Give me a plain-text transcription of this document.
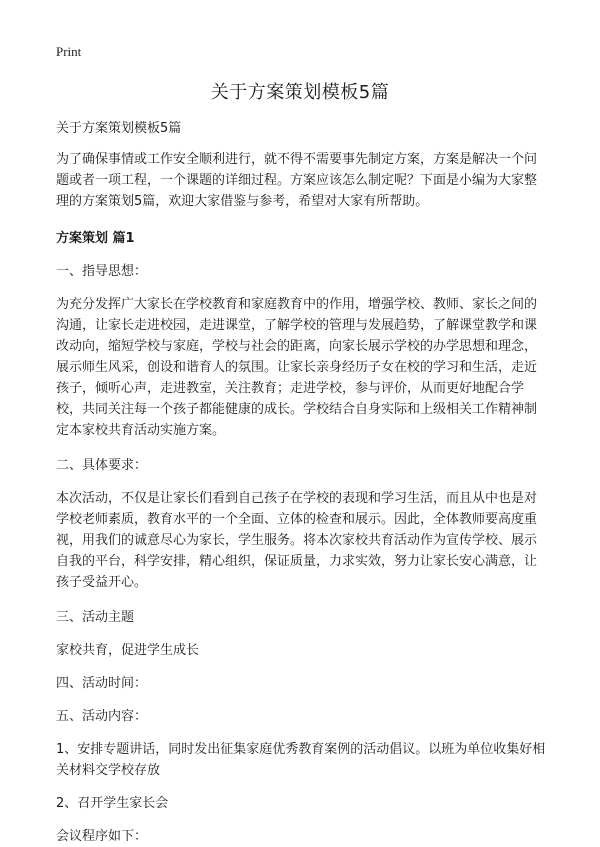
Print
关于方案策划模板5篇

关于方案策划模板5篇

为了确保事情或工作安全顺利进行，就不得不需要事先制定方案，方案是解决一个问题或者一项工程，一个课题的详细过程。方案应该怎么制定呢？下面是小编为大家整理的方案策划5篇，欢迎大家借鉴与参考，希望对大家有所帮助。

方案策划 篇1

一、指导思想：

为充分发挥广大家长在学校教育和家庭教育中的作用，增强学校、教师、家长之间的沟通，让家长走进校园，走进课堂，了解学校的管理与发展趋势，了解课堂教学和课改动向，缩短学校与家庭，学校与社会的距离，向家长展示学校的办学思想和理念，展示师生风采，创设和谐育人的氛围。让家长亲身经历子女在校的学习和生活，走近孩子，倾听心声，走进教室，关注教育；走进学校，参与评价，从而更好地配合学校，共同关注每一个孩子都能健康的成长。学校结合自身实际和上级相关工作精神制定本家校共育活动实施方案。

二、具体要求：

本次活动，不仅是让家长们看到自己孩子在学校的表现和学习生活，而且从中也是对学校老师素质，教育水平的一个全面、立体的检查和展示。因此，全体教师要高度重视，用我们的诚意尽心为家长，学生服务。将本次家校共育活动作为宣传学校、展示自我的平台，科学安排，精心组织，保证质量，力求实效，努力让家长安心满意，让孩子受益开心。

三、活动主题

家校共育，促进学生成长

四、活动时间：

五、活动内容：

1、安排专题讲话，同时发出征集家庭优秀教育案例的活动倡议。以班为单位收集好相关材料交学校存放

2、召开学生家长会

会议程序如下：
